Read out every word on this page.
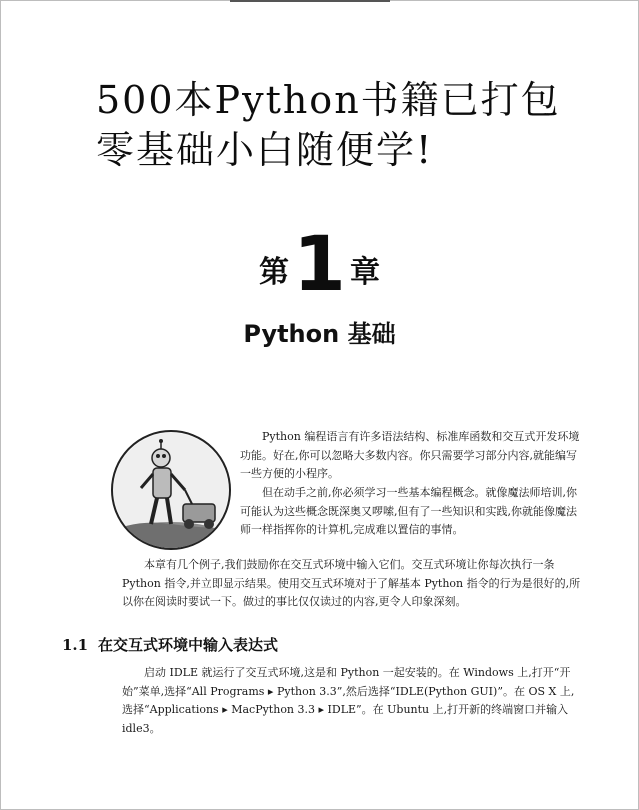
500本Python书籍已打包
零基础小白随便学!
第1 章
Python 基础
Python 编程语言有许多语法结构、标准库函数和交互式开发环境功能。好在,你可以忽略大多数内容。你只需要学习部分内容,就能编写一些方便的小程序。
但在动手之前,你必须学习一些基本编程概念。就像魔法师培训,你可能认为这些概念既深奥又啰嗦,但有了一些知识和实践,你就能像魔法师一样指挥你的计算机,完成难以置信的事情。
本章有几个例子,我们鼓励你在交互式环境中输入它们。交互式环境让你每次执行一条 Python 指令,并立即显示结果。使用交互式环境对于了解基本 Python 指令的行为是很好的,所以你在阅读时要试一下。做过的事比仅仅读过的内容,更令人印象深刻。
1.1 在交互式环境中输入表达式
启动 IDLE 就运行了交互式环境,这是和 Python 一起安装的。在 Windows 上,打开“开始”菜单,选择“All Programs ▸ Python 3.3”,然后选择“IDLE(Python GUI)”。在 OS X 上,选择“Applications ▸ MacPython 3.3 ▸ IDLE”。在 Ubuntu 上,打开新的终端窗口并输入 idle3。
